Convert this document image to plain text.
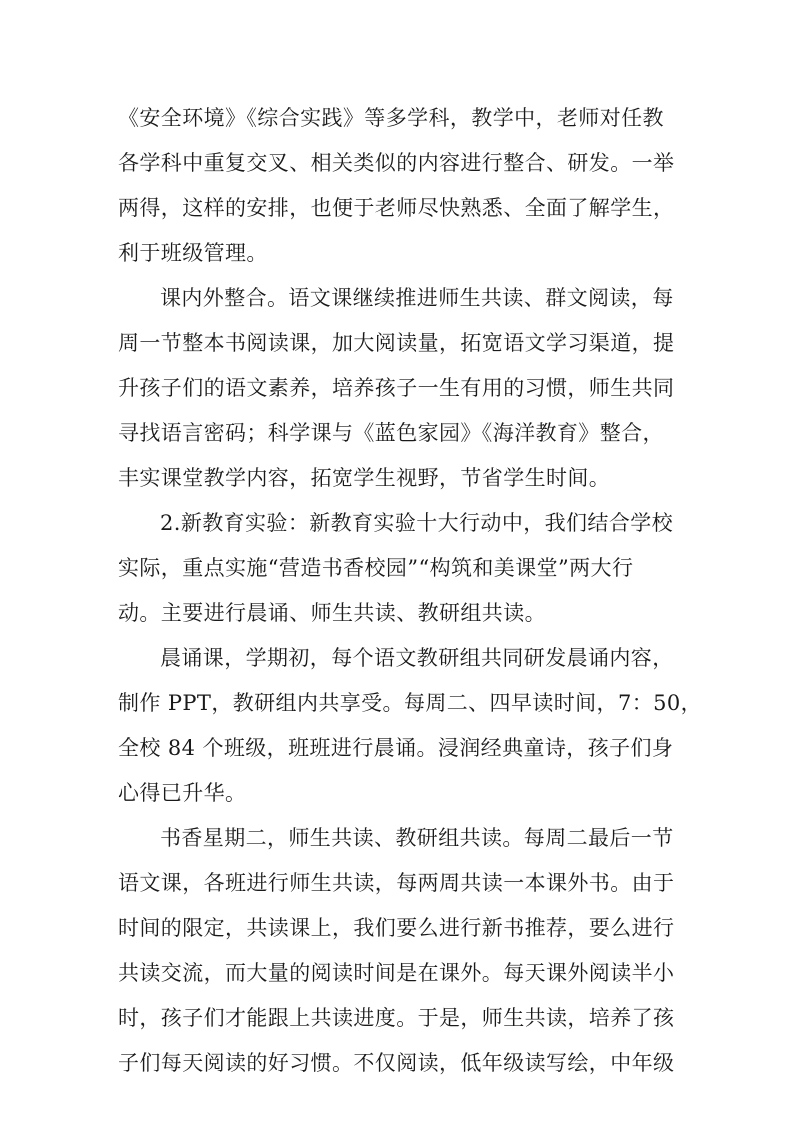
《安全环境》《综合实践》等多学科，教学中，老师对任教
各学科中重复交叉、相关类似的内容进行整合、研发。一举
两得，这样的安排，也便于老师尽快熟悉、全面了解学生，
利于班级管理。
课内外整合。语文课继续推进师生共读、群文阅读，每
周一节整本书阅读课，加大阅读量，拓宽语文学习渠道，提
升孩子们的语文素养，培养孩子一生有用的习惯，师生共同
寻找语言密码；科学课与《蓝色家园》《海洋教育》整合，
丰实课堂教学内容，拓宽学生视野，节省学生时间。
2.新教育实验：新教育实验十大行动中，我们结合学校
实际，重点实施“营造书香校园”“构筑和美课堂”两大行
动。主要进行晨诵、师生共读、教研组共读。
晨诵课，学期初，每个语文教研组共同研发晨诵内容，
制作 PPT，教研组内共享受。每周二、四早读时间，7：50，
全校 84 个班级，班班进行晨诵。浸润经典童诗，孩子们身
心得已升华。
书香星期二，师生共读、教研组共读。每周二最后一节
语文课，各班进行师生共读，每两周共读一本课外书。由于
时间的限定，共读课上，我们要么进行新书推荐，要么进行
共读交流，而大量的阅读时间是在课外。每天课外阅读半小
时，孩子们才能跟上共读进度。于是，师生共读，培养了孩
子们每天阅读的好习惯。不仅阅读，低年级读写绘，中年级
